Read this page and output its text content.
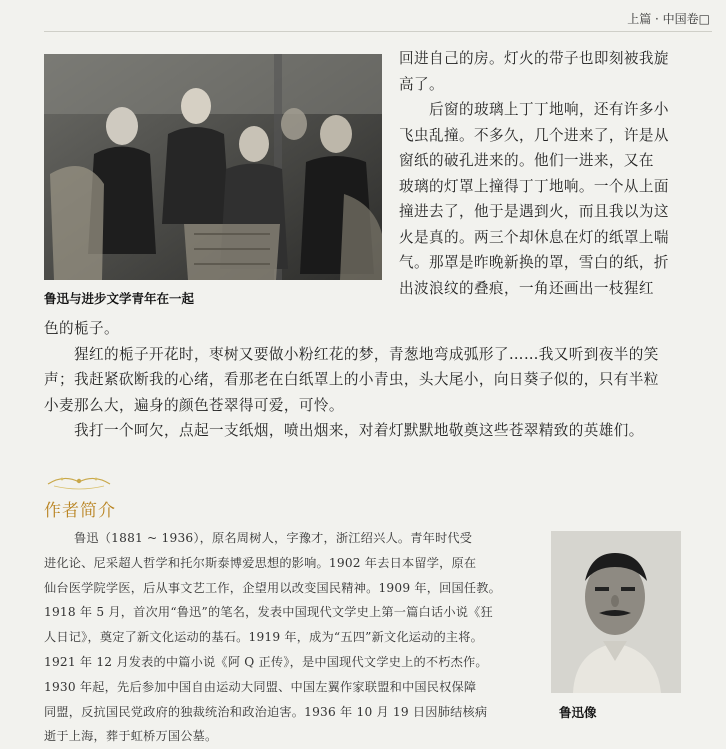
上篇 · 中国卷□
鲁迅与进步文学青年在一起
回进自己的房。灯火的带子也即刻被我旋
高了。
后窗的玻璃上丁丁地响，还有许多小
飞虫乱撞。不多久，几个进来了，许是从
窗纸的破孔进来的。他们一进来，又在
玻璃的灯罩上撞得丁丁地响。一个从上面
撞进去了，他于是遇到火，而且我以为这
火是真的。两三个却休息在灯的纸罩上喘
气。那罩是昨晚新换的罩，雪白的纸，折
出波浪纹的叠痕，一角还画出一枝猩红
色的栀子。
猩红的栀子开花时，枣树又要做小粉红花的梦，青葱地弯成弧形了……我又听到夜半的笑
声；我赶紧砍断我的心绪，看那老在白纸罩上的小青虫，头大尾小，向日葵子似的，只有半粒
小麦那么大，遍身的颜色苍翠得可爱，可怜。
我打一个呵欠，点起一支纸烟，喷出烟来，对着灯默默地敬奠这些苍翠精致的英雄们。
作者简介
鲁迅（1881 ~ 1936），原名周树人，字豫才，浙江绍兴人。青年时代受
进化论、尼采超人哲学和托尔斯泰博爱思想的影响。1902 年去日本留学，原在
仙台医学院学医，后从事文艺工作，企望用以改变国民精神。1909 年，回国任教。
1918 年 5 月，首次用“鲁迅”的笔名，发表中国现代文学史上第一篇白话小说《狂
人日记》，奠定了新文化运动的基石。1919 年，成为“五四”新文化运动的主将。
1921 年 12 月发表的中篇小说《阿 Q 正传》，是中国现代文学史上的不朽杰作。
1930 年起，先后参加中国自由运动大同盟、中国左翼作家联盟和中国民权保障
同盟，反抗国民党政府的独裁统治和政治迫害。1936 年 10 月 19 日因肺结核病
逝于上海，葬于虹桥万国公墓。
鲁迅像
